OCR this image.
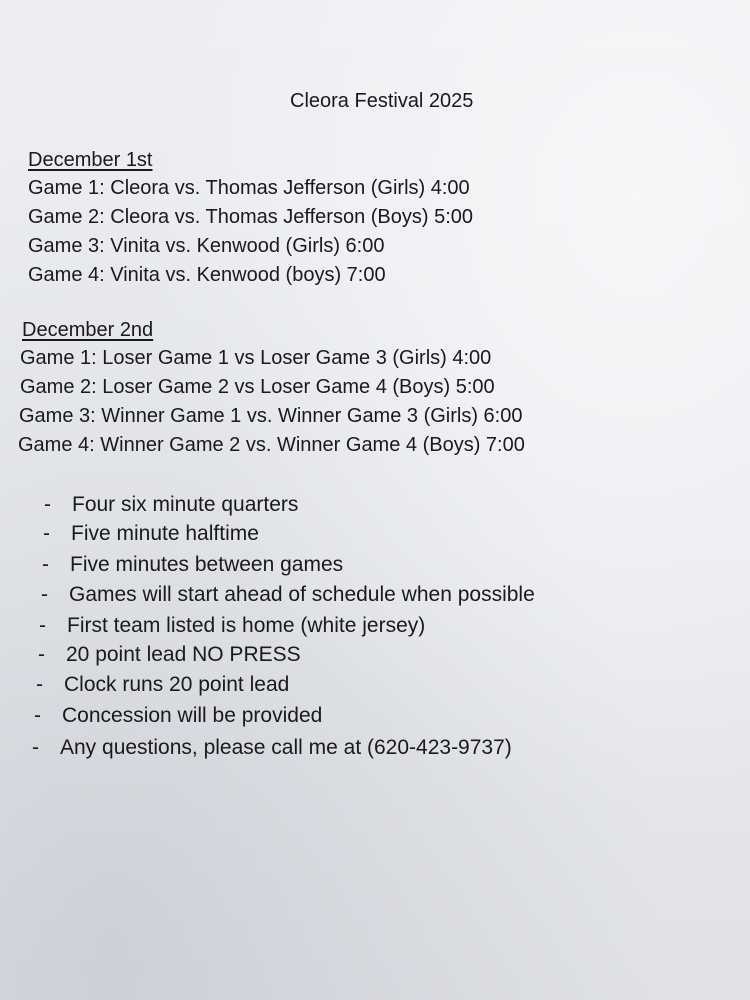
Cleora Festival 2025
December 1st
Game 1: Cleora vs. Thomas Jefferson (Girls) 4:00
Game 2: Cleora vs. Thomas Jefferson (Boys) 5:00
Game 3: Vinita vs. Kenwood (Girls) 6:00
Game 4: Vinita vs. Kenwood (boys) 7:00
December 2nd
Game 1: Loser Game 1 vs Loser Game 3 (Girls) 4:00
Game 2: Loser Game 2 vs Loser Game 4 (Boys) 5:00
Game 3: Winner Game 1 vs. Winner Game 3 (Girls) 6:00
Game 4: Winner Game 2 vs. Winner Game 4 (Boys) 7:00
- Four six minute quarters
- Five minute halftime
- Five minutes between games
- Games will start ahead of schedule when possible
- First team listed is home (white jersey)
- 20 point lead NO PRESS
- Clock runs 20 point lead
- Concession will be provided
- Any questions, please call me at (620-423-9737)
